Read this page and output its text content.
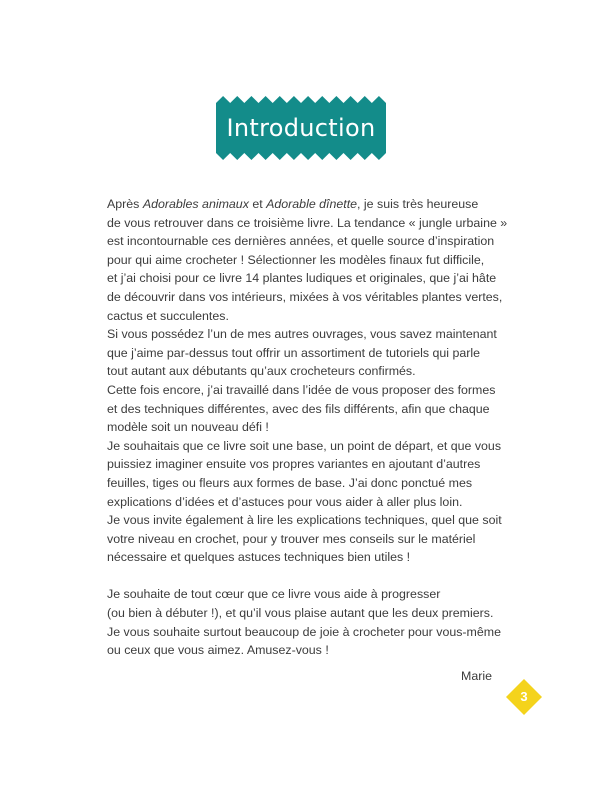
Introduction

Après Adorables animaux et Adorable dînette, je suis très heureuse

de vous retrouver dans ce troisième livre. La tendance « jungle urbaine »

est incontournable ces dernières années, et quelle source d’inspiration

pour qui aime crocheter ! Sélectionner les modèles finaux fut difficile,

et j’ai choisi pour ce livre 14 plantes ludiques et originales, que j’ai hâte

de découvrir dans vos intérieurs, mixées à vos véritables plantes vertes,

cactus et succulentes.

Si vous possédez l’un de mes autres ouvrages, vous savez maintenant

que j’aime par-dessus tout offrir un assortiment de tutoriels qui parle

tout autant aux débutants qu’aux crocheteurs confirmés.

Cette fois encore, j’ai travaillé dans l’idée de vous proposer des formes

et des techniques différentes, avec des fils différents, afin que chaque

modèle soit un nouveau défi !

Je souhaitais que ce livre soit une base, un point de départ, et que vous

puissiez imaginer ensuite vos propres variantes en ajoutant d’autres

feuilles, tiges ou fleurs aux formes de base. J’ai donc ponctué mes

explications d’idées et d’astuces pour vous aider à aller plus loin.

Je vous invite également à lire les explications techniques, quel que soit

votre niveau en crochet, pour y trouver mes conseils sur le matériel

nécessaire et quelques astuces techniques bien utiles !

Je souhaite de tout cœur que ce livre vous aide à progresser

(ou bien à débuter !), et qu’il vous plaise autant que les deux premiers.

Je vous souhaite surtout beaucoup de joie à crocheter pour vous-même

ou ceux que vous aimez. Amusez-vous !

Marie
3
